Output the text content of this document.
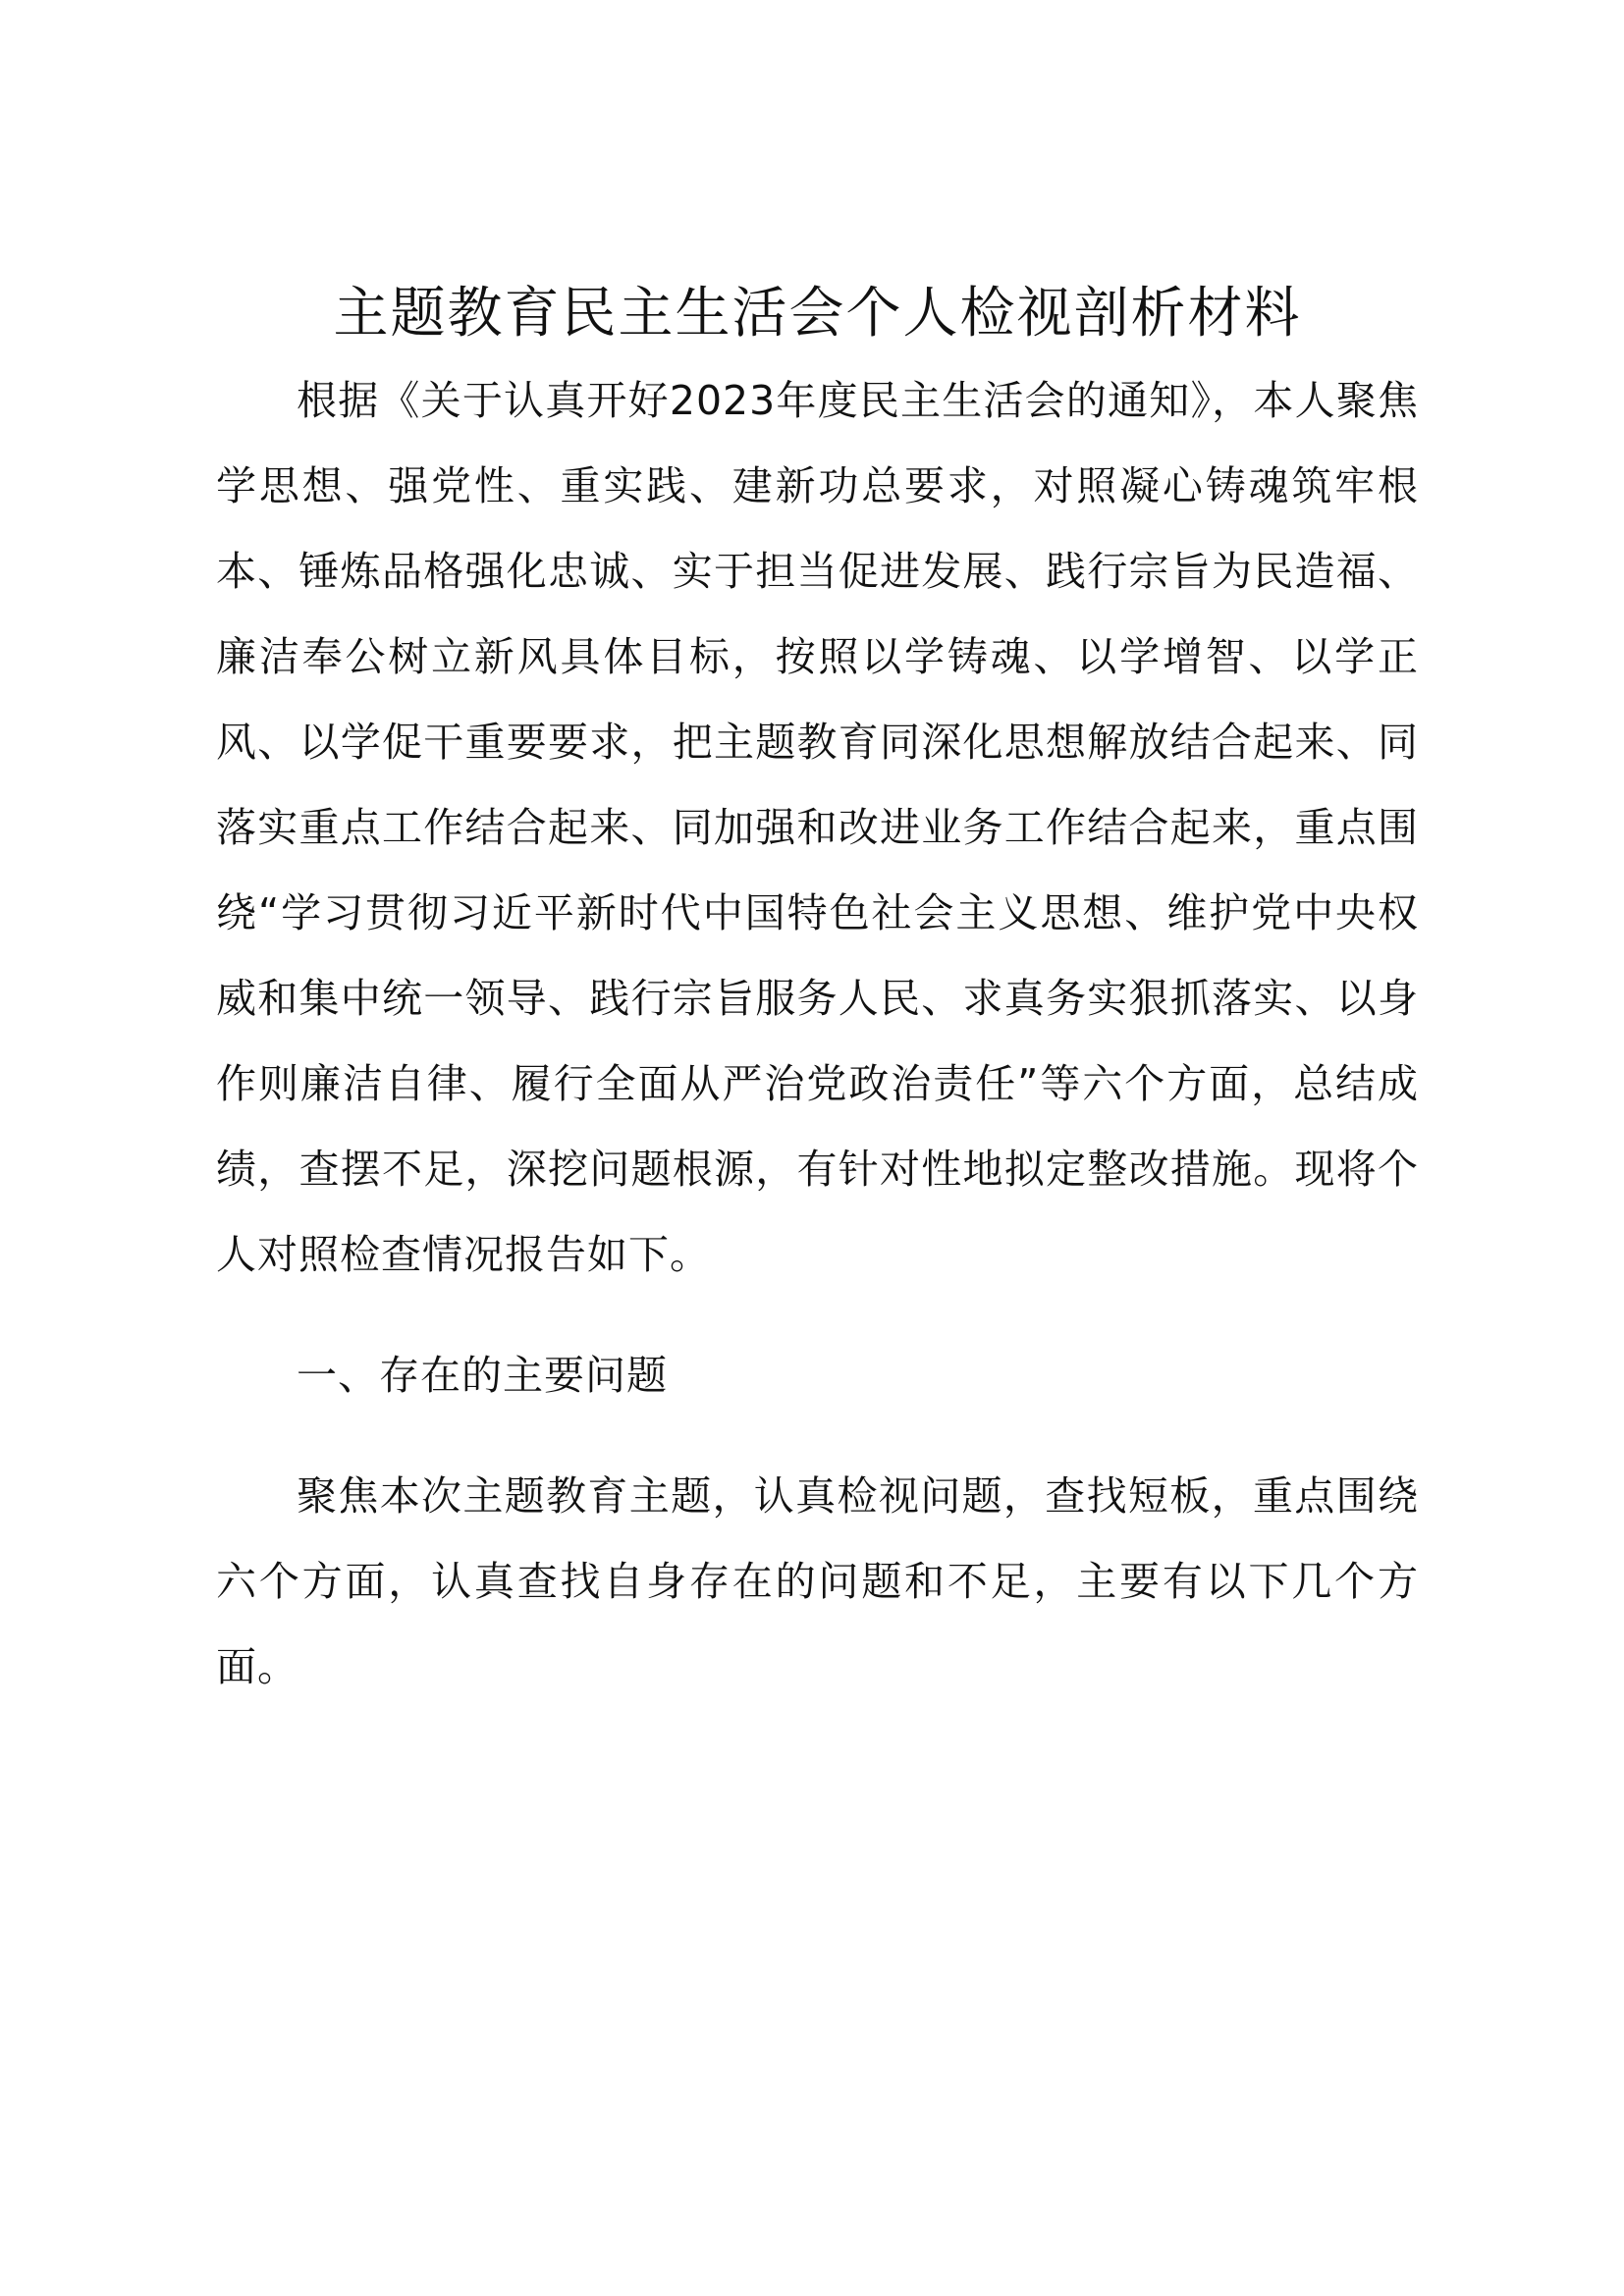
主题教育民主生活会个人检视剖析材料

根据《关于认真开好2023年度民主生活会的通知》，本人聚焦学思想、强党性、重实践、建新功总要求，对照凝心铸魂筑牢根本、锤炼品格强化忠诚、实于担当促进发展、践行宗旨为民造福、廉洁奉公树立新风具体目标，按照以学铸魂、以学增智、以学正风、以学促干重要要求，把主题教育同深化思想解放结合起来、同落实重点工作结合起来、同加强和改进业务工作结合起来，重点围绕“学习贯彻习近平新时代中国特色社会主义思想、维护党中央权威和集中统一领导、践行宗旨服务人民、求真务实狠抓落实、以身作则廉洁自律、履行全面从严治党政治责任”等六个方面，总结成绩，查摆不足，深挖问题根源，有针对性地拟定整改措施。现将个人对照检查情况报告如下。

一、存在的主要问题

聚焦本次主题教育主题，认真检视问题，查找短板，重点围绕六个方面，认真查找自身存在的问题和不足，主要有以下几个方面。
